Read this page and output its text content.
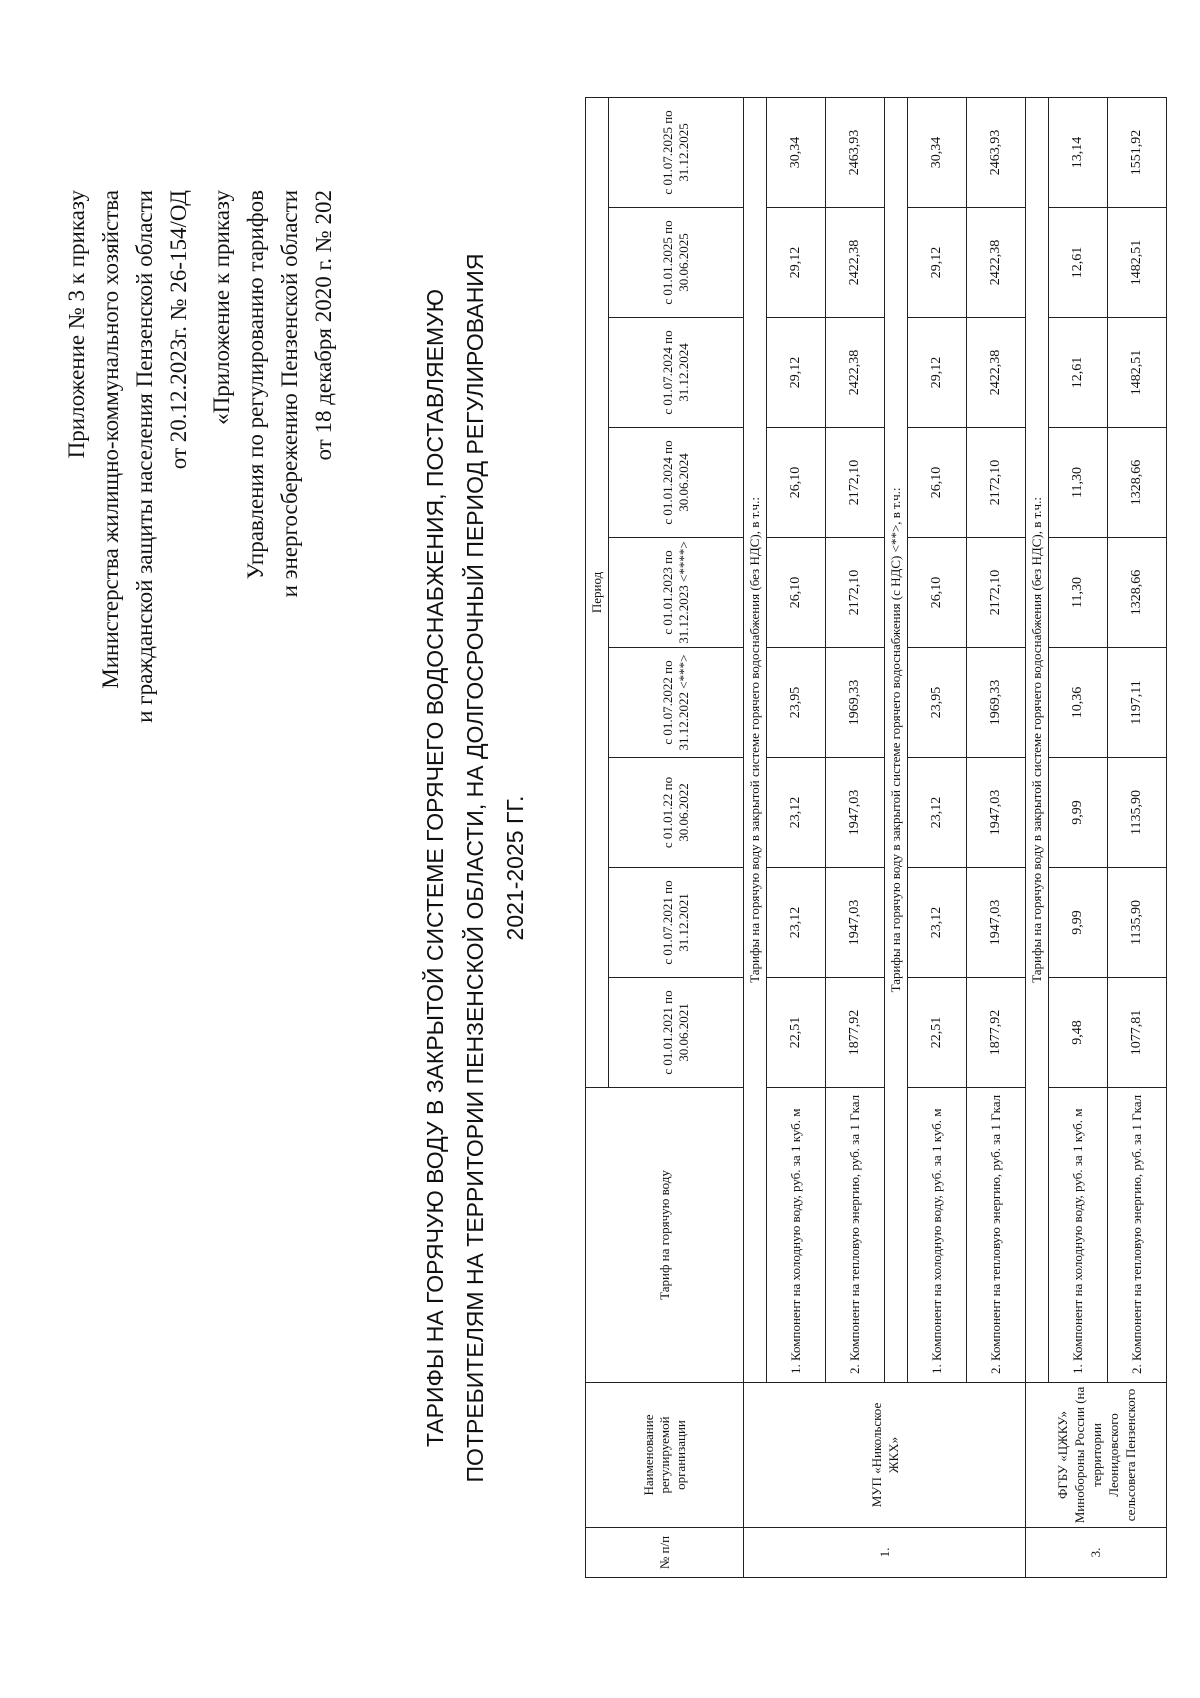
Приложение № 3 к приказу Министерства жилищно-коммунального хозяйства и гражданской защиты населения Пензенской области от 20.12.2023г. № 26-154/ОД «Приложение к приказу Управления по регулированию тарифов и энергосбережению Пензенской области от 18 декабря 2020 г. № 202	ТАРИФЫ НА ГОРЯЧУЮ ВОДУ В ЗАКРЫТОЙ СИСТЕМЕ ГОРЯЧЕГО ВОДОСНАБЖЕНИЯ, ПОСТАВЛЯЕМУЮ ПОТРЕБИТЕЛЯМ НА ТЕРРИТОРИИ ПЕНЗЕНСКОЙ ОБЛАСТИ, НА ДОЛГОСРОЧНЫЙ ПЕРИОД РЕГУЛИРОВАНИЯ 2021-2025 ГГ.
№ п/п	Наименование регулируемой организации	Тариф на горячую воду	Период								
			с 01.01.2021 по 30.06.2021	с 01.07.2021 по 31.12.2021	с 01.01.22 по 30.06.2022	с 01.07.2022 по 31.12.2022 <***>	с 01.01.2023 по 31.12.2023 <****>	с 01.01.2024 по 30.06.2024	с 01.07.2024 по 31.12.2024	с 01.01.2025 по 30.06.2025	с 01.07.2025 по 31.12.2025
1.	МУП «Никольское ЖКХ»	Тарифы на горячую воду в закрытой системе горячего водоснабжения (без НДС), в т.ч.:									
		1. Компонент на холодную воду, руб. за 1 куб. м	22,51	23,12	23,12	23,95	26,10	26,10	29,12	29,12	30,34
		2. Компонент на тепловую энергию, руб. за 1 Гкал	1877,92	1947,03	1947,03	1969,33	2172,10	2172,10	2422,38	2422,38	2463,93
		Тарифы на горячую воду в закрытой системе горячего водоснабжения (с НДС) <**>, в т.ч.:									
		1. Компонент на холодную воду, руб. за 1 куб. м	22,51	23,12	23,12	23,95	26,10	26,10	29,12	29,12	30,34
		2. Компонент на тепловую энергию, руб. за 1 Гкал	1877,92	1947,03	1947,03	1969,33	2172,10	2172,10	2422,38	2422,38	2463,93
3.	ФГБУ «ЦЖКУ» Минобороны России (на территории Леонидовского сельсовета Пензенского	Тарифы на горячую воду в закрытой системе горячего водоснабжения (без НДС), в т.ч.:									
		1. Компонент на холодную воду, руб. за 1 куб. м	9,48	9,99	9,99	10,36	11,30	11,30	12,61	12,61	13,14
		2. Компонент на тепловую энергию, руб. за 1 Гкал	1077,81	1135,90	1135,90	1197,11	1328,66	1328,66	1482,51	1482,51	1551,92
